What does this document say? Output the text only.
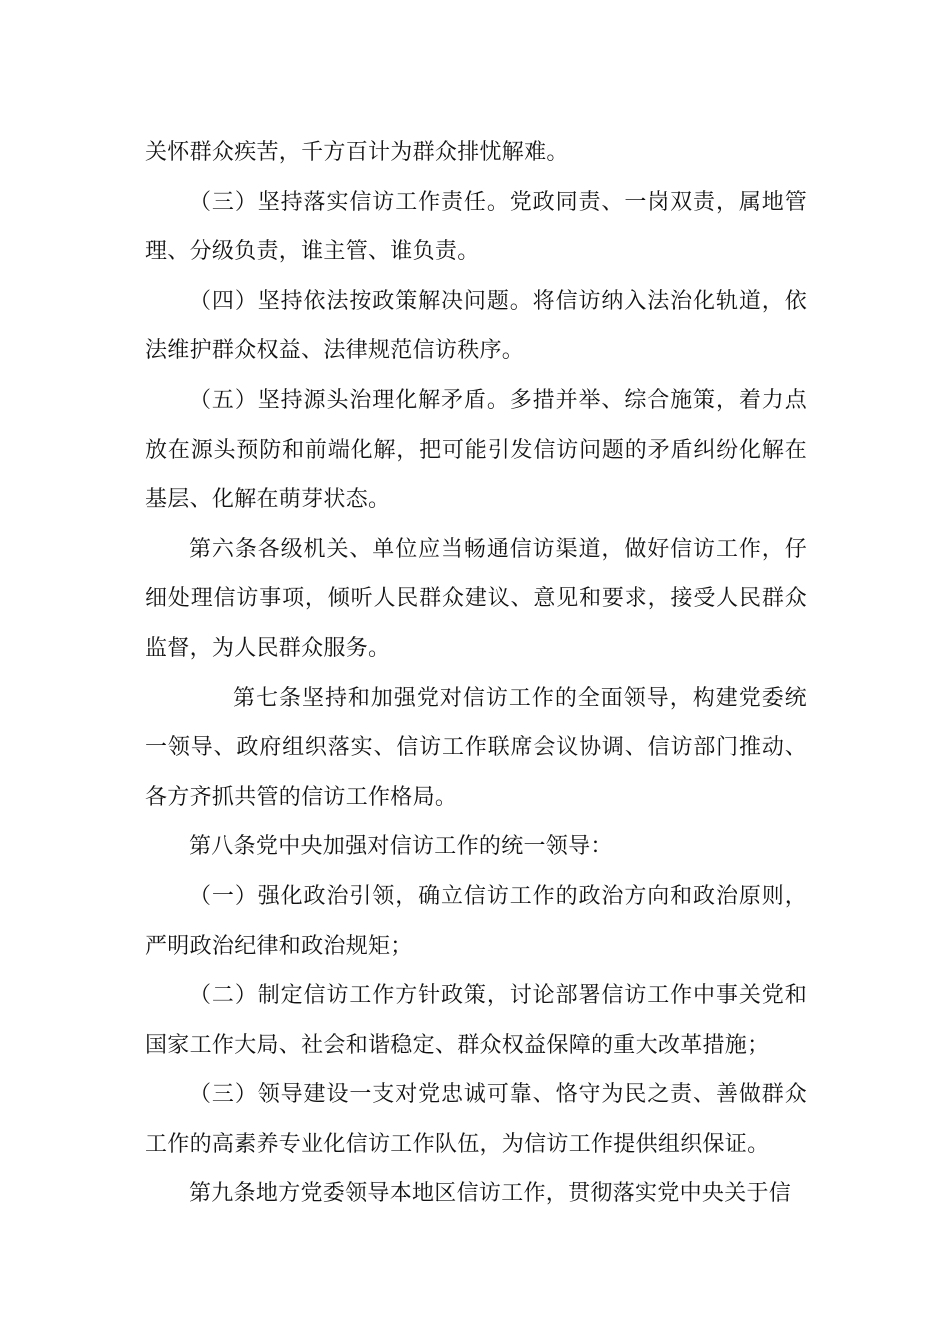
关怀群众疾苦，千方百计为群众排忧解难。

（三）坚持落实信访工作责任。党政同责、一岗双责，属地管理、分级负责，谁主管、谁负责。

（四）坚持依法按政策解决问题。将信访纳入法治化轨道，依法维护群众权益、法律规范信访秩序。

（五）坚持源头治理化解矛盾。多措并举、综合施策，着力点放在源头预防和前端化解，把可能引发信访问题的矛盾纠纷化解在基层、化解在萌芽状态。

第六条各级机关、单位应当畅通信访渠道，做好信访工作，仔细处理信访事项，倾听人民群众建议、意见和要求，接受人民群众监督，为人民群众服务。

第七条坚持和加强党对信访工作的全面领导，构建党委统一领导、政府组织落实、信访工作联席会议协调、信访部门推动、各方齐抓共管的信访工作格局。

第八条党中央加强对信访工作的统一领导：

（一）强化政治引领，确立信访工作的政治方向和政治原则，严明政治纪律和政治规矩；

（二）制定信访工作方针政策，讨论部署信访工作中事关党和国家工作大局、社会和谐稳定、群众权益保障的重大改革措施；

（三）领导建设一支对党忠诚可靠、恪守为民之责、善做群众工作的高素养专业化信访工作队伍，为信访工作提供组织保证。

第九条地方党委领导本地区信访工作，贯彻落实党中央关于信
